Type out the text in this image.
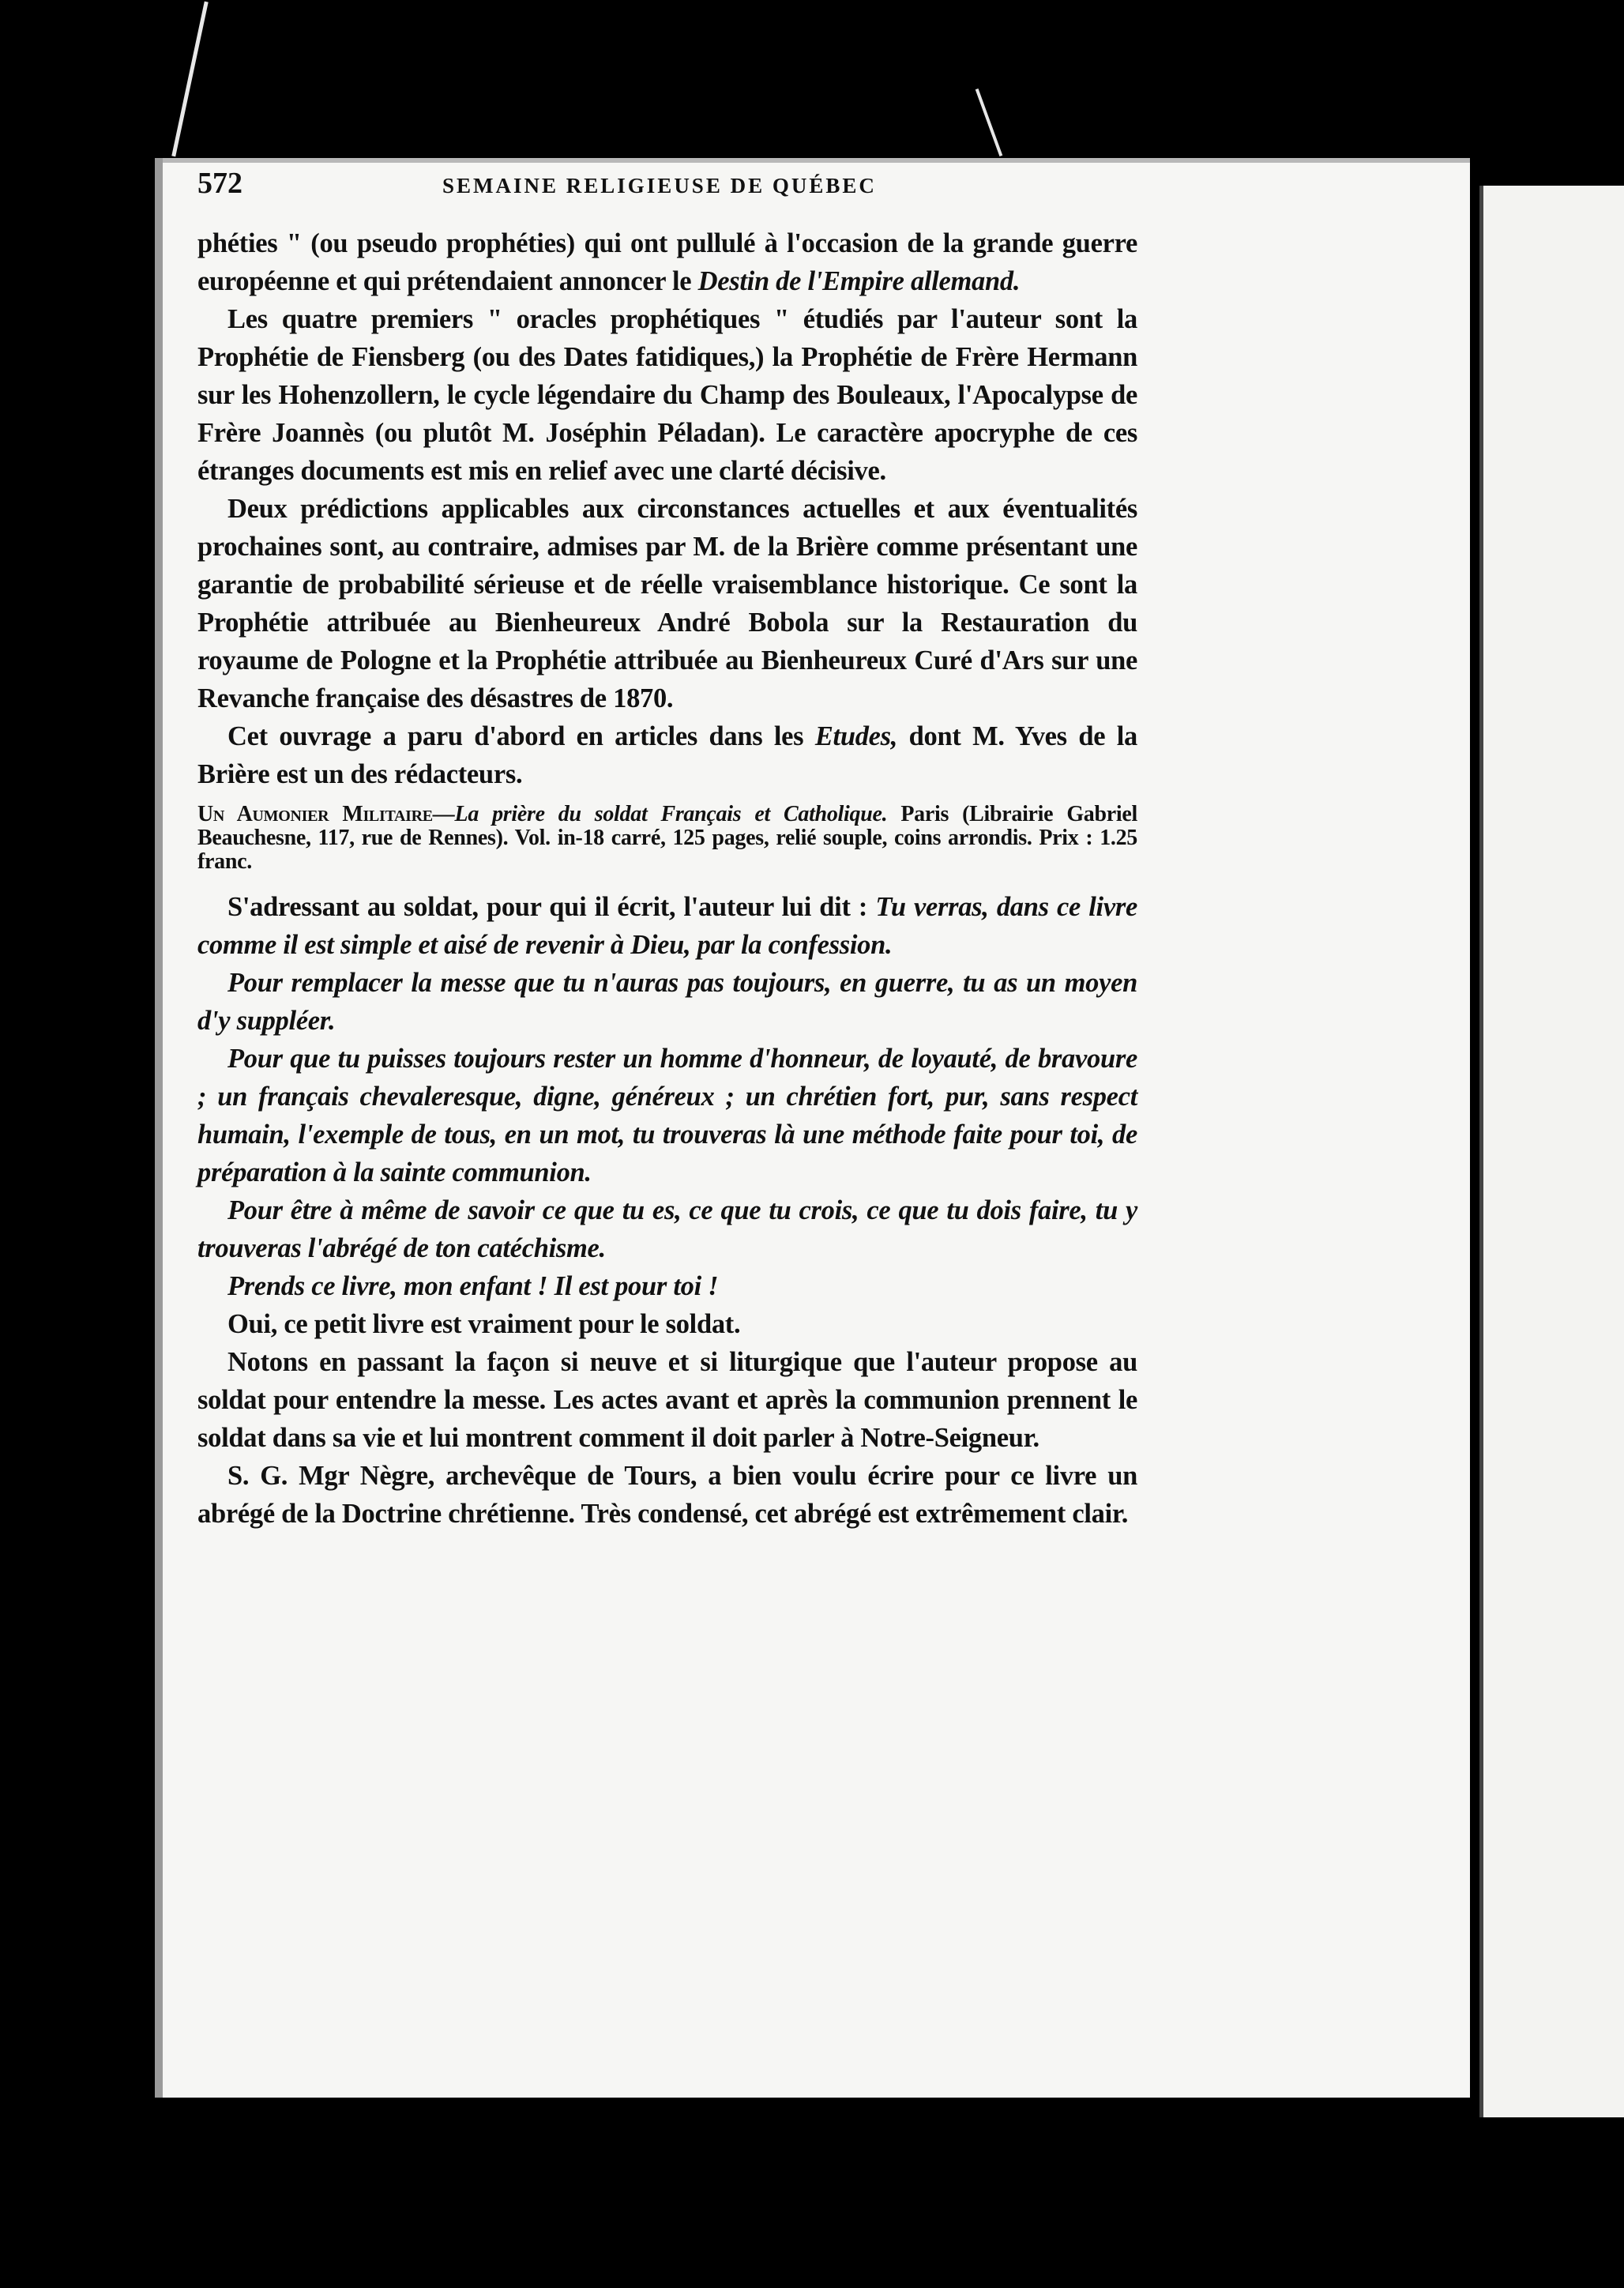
572	SEMAINE RELIGIEUSE DE QUÉBEC

phéties " (ou pseudo prophéties) qui ont pullulé à l'occasion de la grande guerre européenne et qui prétendaient annoncer le Destin de l'Empire allemand.

Les quatre premiers " oracles prophétiques " étudiés par l'auteur sont la Prophétie de Fiensberg (ou des Dates fatidiques,) la Prophétie de Frère Hermann sur les Hohenzollern, le cycle légendaire du Champ des Bouleaux, l'Apocalypse de Frère Joannès (ou plutôt M. Joséphin Péladan). Le caractère apocryphe de ces étranges documents est mis en relief avec une clarté décisive.

Deux prédictions applicables aux circonstances actuelles et aux éventualités prochaines sont, au contraire, admises par M. de la Brière comme présentant une garantie de probabilité sérieuse et de réelle vraisemblance historique. Ce sont la Prophétie attribuée au Bienheureux André Bobola sur la Restauration du royaume de Pologne et la Prophétie attribuée au Bienheureux Curé d'Ars sur une Revanche française des désastres de 1870.

Cet ouvrage a paru d'abord en articles dans les Etudes, dont M. Yves de la Brière est un des rédacteurs.

Un Aumonier Militaire—La prière du soldat Français et Catholique. Paris (Librairie Gabriel Beauchesne, 117, rue de Rennes). Vol. in-18 carré, 125 pages, relié souple, coins arrondis. Prix : 1.25 franc.

S'adressant au soldat, pour qui il écrit, l'auteur lui dit : Tu verras, dans ce livre comme il est simple et aisé de revenir à Dieu, par la confession.

Pour remplacer la messe que tu n'auras pas toujours, en guerre, tu as un moyen d'y suppléer.

Pour que tu puisses toujours rester un homme d'honneur, de loyauté, de bravoure ; un français chevaleresque, digne, généreux ; un chrétien fort, pur, sans respect humain, l'exemple de tous, en un mot, tu trouveras là une méthode faite pour toi, de préparation à la sainte communion.

Pour être à même de savoir ce que tu es, ce que tu crois, ce que tu dois faire, tu y trouveras l'abrégé de ton catéchisme.

Prends ce livre, mon enfant ! Il est pour toi !

Oui, ce petit livre est vraiment pour le soldat.

Notons en passant la façon si neuve et si liturgique que l'auteur propose au soldat pour entendre la messe. Les actes avant et après la communion prennent le soldat dans sa vie et lui montrent comment il doit parler à Notre-Seigneur.

S. G. Mgr Nègre, archevêque de Tours, a bien voulu écrire pour ce livre un abrégé de la Doctrine chrétienne. Très condensé, cet abrégé est extrêmement clair.
